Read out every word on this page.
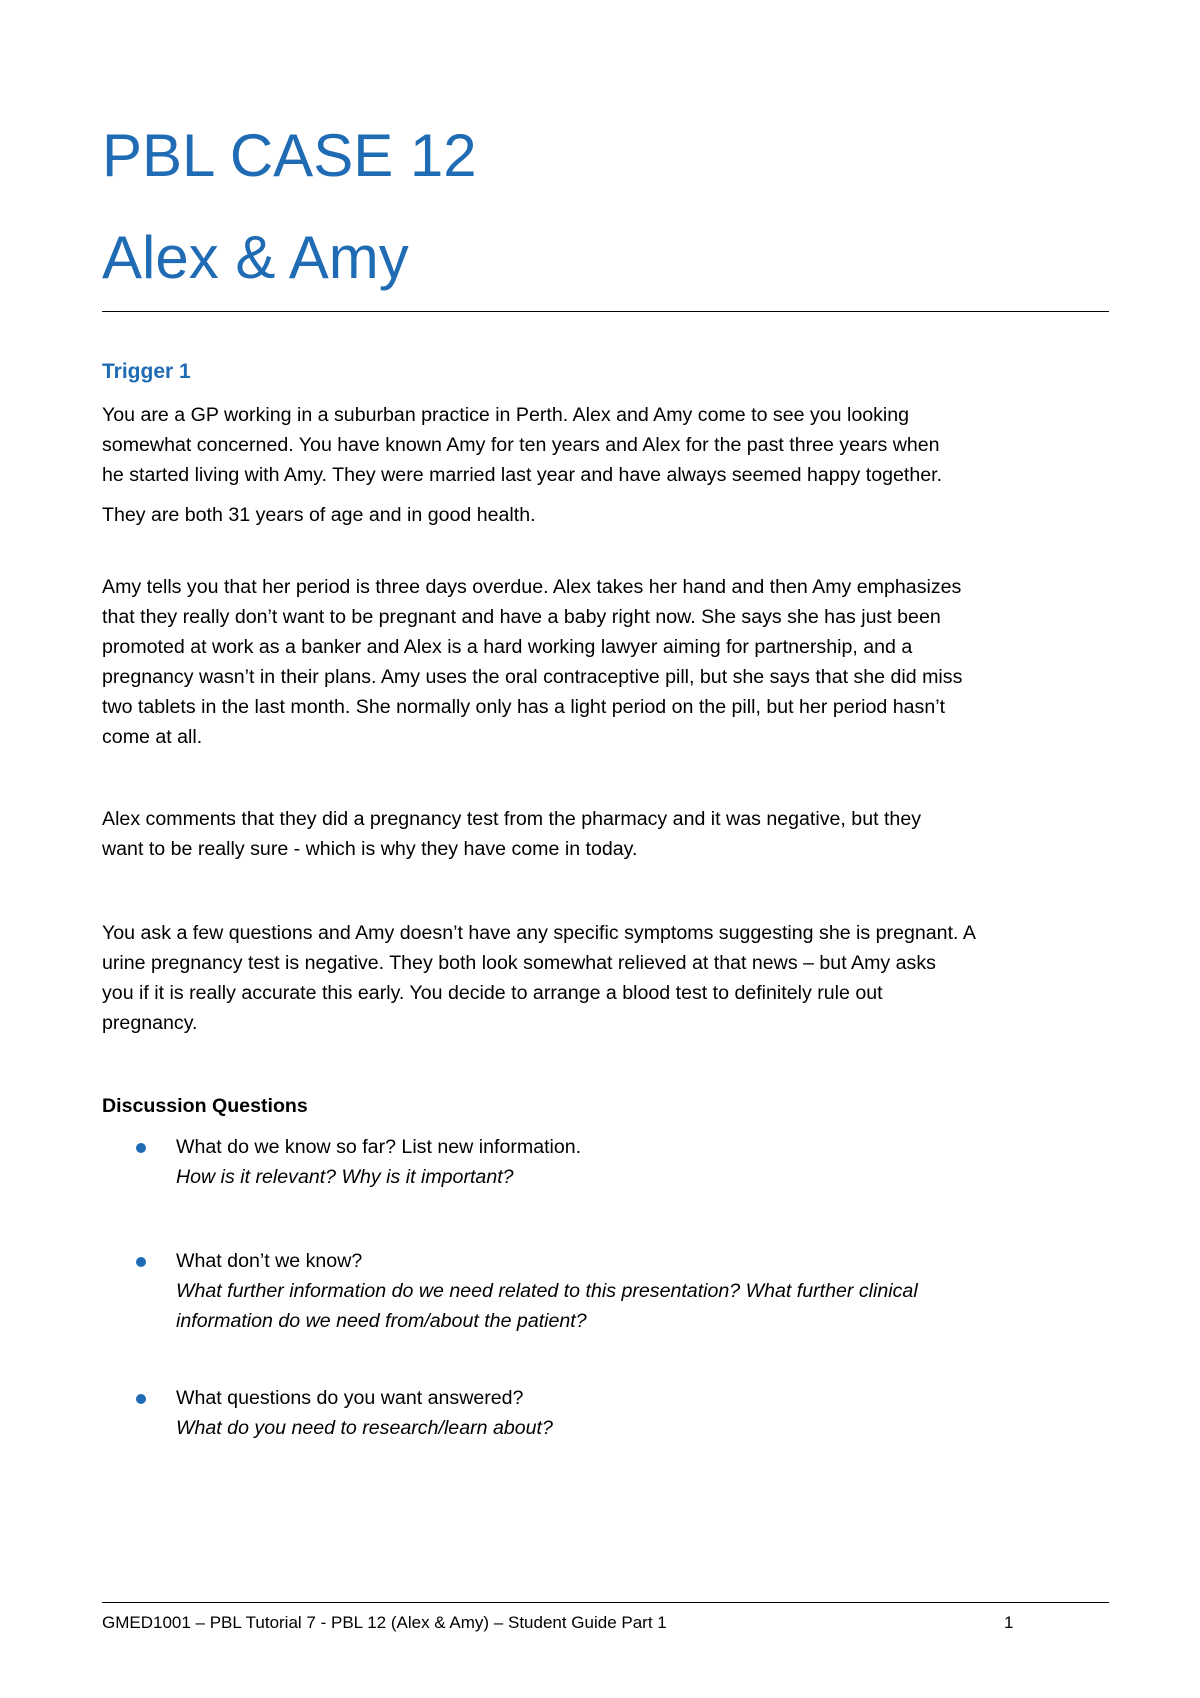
PBL CASE 12
Alex & Amy
Trigger 1

You are a GP working in a suburban practice in Perth. Alex and Amy come to see you looking
somewhat concerned. You have known Amy for ten years and Alex for the past three years when
he started living with Amy. They were married last year and have always seemed happy together.

They are both 31 years of age and in good health.

Amy tells you that her period is three days overdue. Alex takes her hand and then Amy emphasizes
that they really don’t want to be pregnant and have a baby right now. She says she has just been
promoted at work as a banker and Alex is a hard working lawyer aiming for partnership, and a
pregnancy wasn’t in their plans. Amy uses the oral contraceptive pill, but she says that she did miss
two tablets in the last month. She normally only has a light period on the pill, but her period hasn’t
come at all.

Alex comments that they did a pregnancy test from the pharmacy and it was negative, but they
want to be really sure - which is why they have come in today.

You ask a few questions and Amy doesn’t have any specific symptoms suggesting she is pregnant. A
urine pregnancy test is negative. They both look somewhat relieved at that news – but Amy asks
you if it is really accurate this early. You decide to arrange a blood test to definitely rule out
pregnancy.

Discussion Questions

What do we know so far? List new information.
How is it relevant? Why is it important?

What don’t we know?
What further information do we need related to this presentation? What further clinical
information do we need from/about the patient?

What questions do you want answered?
What do you need to research/learn about?

GMED1001 – PBL Tutorial 7 - PBL 12 (Alex & Amy) – Student Guide Part 1	1
